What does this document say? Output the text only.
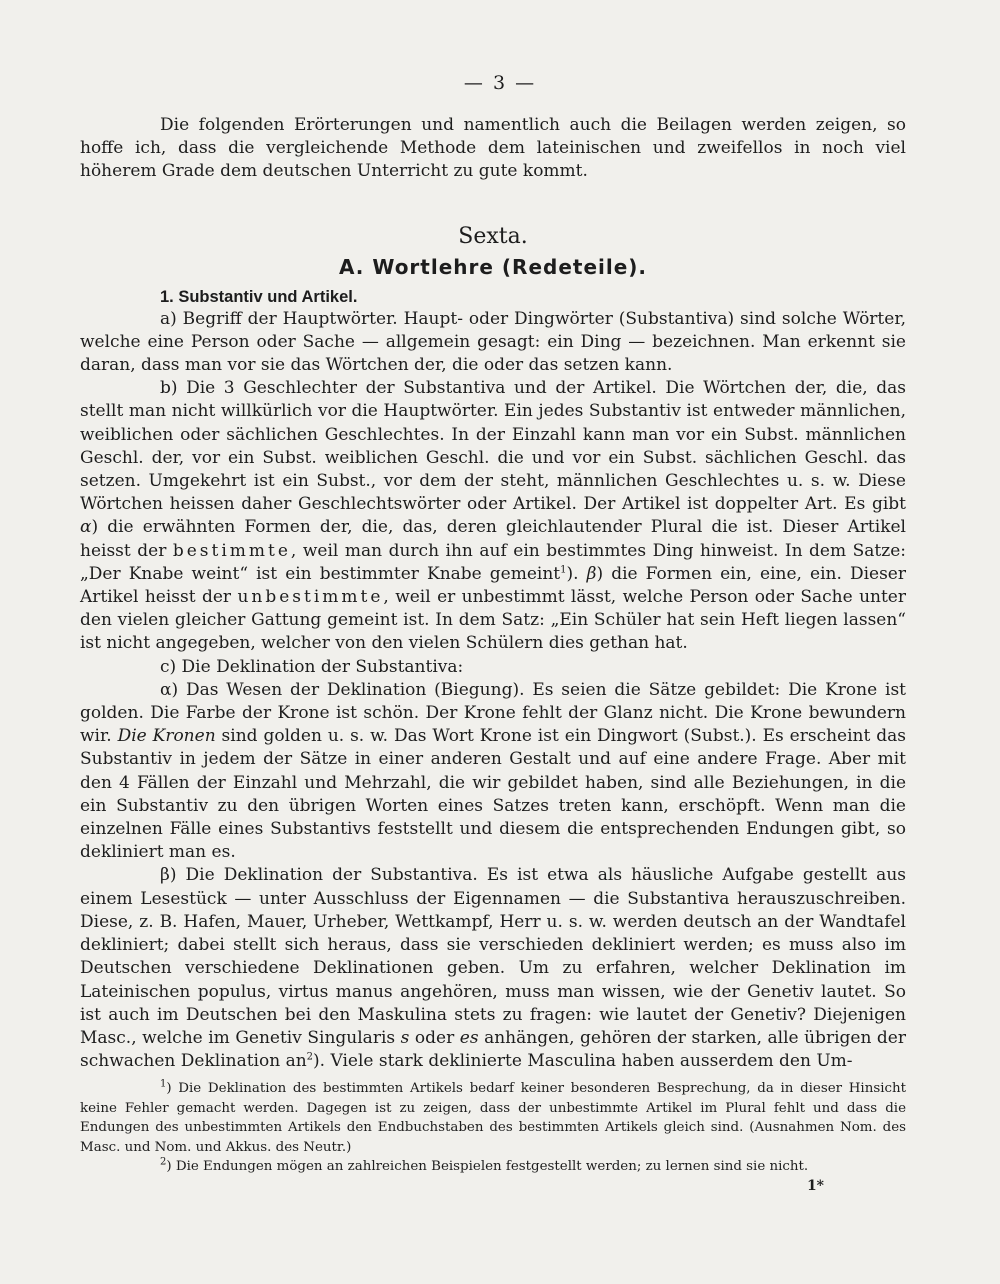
— 3 —

Die folgenden Erörterungen und namentlich auch die Beilagen werden zeigen, so hoffe ich, dass die vergleichende Methode dem lateinischen und zweifellos in noch viel höherem Grade dem deutschen Unterricht zu gute kommt.

Sexta.
A. Wortlehre (Redeteile).
1. Substantiv und Artikel.

a) Begriff der Hauptwörter. Haupt- oder Dingwörter (Substantiva) sind solche Wörter, welche eine Person oder Sache — allgemein gesagt: ein Ding — bezeichnen. Man erkennt sie daran, dass man vor sie das Wörtchen der, die oder das setzen kann.

b) Die 3 Geschlechter der Substantiva und der Artikel. Die Wörtchen der, die, das stellt man nicht willkürlich vor die Hauptwörter. Ein jedes Substantiv ist entweder männlichen, weiblichen oder sächlichen Geschlechtes. In der Einzahl kann man vor ein Subst. männlichen Geschl. der, vor ein Subst. weiblichen Geschl. die und vor ein Subst. sächlichen Geschl. das setzen. Umgekehrt ist ein Subst., vor dem der steht, männlichen Geschlechtes u. s. w. Diese Wörtchen heissen daher Geschlechtswörter oder Artikel. Der Artikel ist doppelter Art. Es gibt α) die erwähnten Formen der, die, das, deren gleichlautender Plural die ist. Dieser Artikel heisst der bestimmte, weil man durch ihn auf ein bestimmtes Ding hinweist. In dem Satze: „Der Knabe weint“ ist ein bestimmter Knabe gemeint$^1$). β) die Formen ein, eine, ein. Dieser Artikel heisst der unbestimmte, weil er unbestimmt lässt, welche Person oder Sache unter den vielen gleicher Gattung gemeint ist. In dem Satz: „Ein Schüler hat sein Heft liegen lassen“ ist nicht angegeben, welcher von den vielen Schülern dies gethan hat.

c) Die Deklination der Substantiva:

α) Das Wesen der Deklination (Biegung). Es seien die Sätze gebildet: Die Krone ist golden. Die Farbe der Krone ist schön. Der Krone fehlt der Glanz nicht. Die Krone bewundern wir. Die Kronen sind golden u. s. w. Das Wort Krone ist ein Dingwort (Subst.). Es erscheint das Substantiv in jedem der Sätze in einer anderen Gestalt und auf eine andere Frage. Aber mit den 4 Fällen der Einzahl und Mehrzahl, die wir gebildet haben, sind alle Beziehungen, in die ein Substantiv zu den übrigen Worten eines Satzes treten kann, erschöpft. Wenn man die einzelnen Fälle eines Substantivs feststellt und diesem die entsprechenden Endungen gibt, so dekliniert man es.

β) Die Deklination der Substantiva. Es ist etwa als häusliche Aufgabe gestellt aus einem Lesestück — unter Ausschluss der Eigennamen — die Substantiva herauszuschreiben. Diese, z. B. Hafen, Mauer, Urheber, Wettkampf, Herr u. s. w. werden deutsch an der Wandtafel dekliniert; dabei stellt sich heraus, dass sie verschieden dekliniert werden; es muss also im Deutschen verschiedene Deklinationen geben. Um zu erfahren, welcher Deklination im Lateinischen populus, virtus manus angehören, muss man wissen, wie der Genetiv lautet. So ist auch im Deutschen bei den Maskulina stets zu fragen: wie lautet der Genetiv? Diejenigen Masc., welche im Genetiv Singularis s oder es anhängen, gehören der starken, alle übrigen der schwachen Deklination $an^2$). Viele stark deklinierte Masculina haben ausserdem den Um-

$^1$) Die Deklination des bestimmten Artikels bedarf keiner besonderen Besprechung, da in dieser Hinsicht keine Fehler gemacht werden. Dagegen ist zu zeigen, dass der unbestimmte Artikel im Plural fehlt und dass die Endungen des unbestimmten Artikels den Endbuchstaben des bestimmten Artikels gleich sind. (Ausnahmen Nom. des Masc. und Nom. und Akkus. des Neutr.)

$^2$) Die Endungen mögen an zahlreichen Beispielen festgestellt werden; zu lernen sind sie nicht.

1*
